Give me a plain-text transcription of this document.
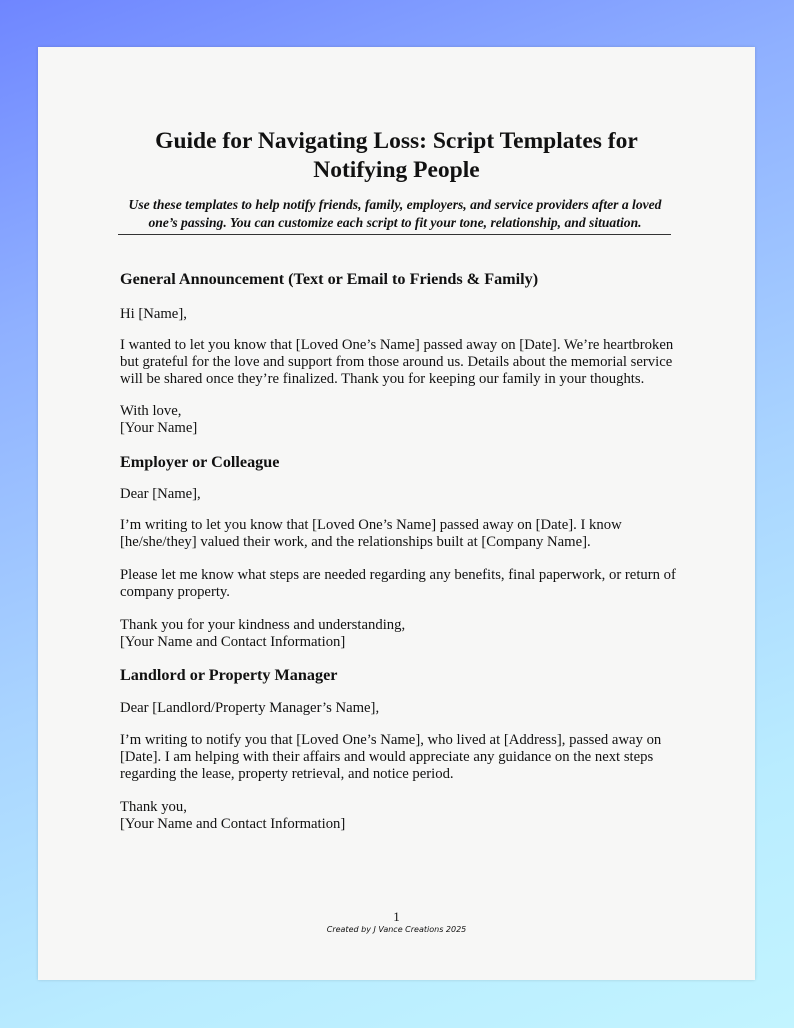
Guide for Navigating Loss: Script Templates for
Notifying People
Use these templates to help notify friends, family, employers, and service providers after a loved one’s passing. You can customize each script to fit your tone, relationship, and situation.
General Announcement (Text or Email to Friends & Family)
Hi [Name],
I wanted to let you know that [Loved One’s Name] passed away on [Date]. We’re heartbroken
but grateful for the love and support from those around us. Details about the memorial service
will be shared once they’re finalized. Thank you for keeping our family in your thoughts.
With love,
[Your Name]
Employer or Colleague
Dear [Name],
I’m writing to let you know that [Loved One’s Name] passed away on [Date]. I know
[he/she/they] valued their work, and the relationships built at [Company Name].
Please let me know what steps are needed regarding any benefits, final paperwork, or return of
company property.
Thank you for your kindness and understanding,
[Your Name and Contact Information]
Landlord or Property Manager
Dear [Landlord/Property Manager’s Name],
I’m writing to notify you that [Loved One’s Name], who lived at [Address], passed away on
[Date]. I am helping with their affairs and would appreciate any guidance on the next steps
regarding the lease, property retrieval, and notice period.
Thank you,
[Your Name and Contact Information]
1
Created by J Vance Creations 2025
